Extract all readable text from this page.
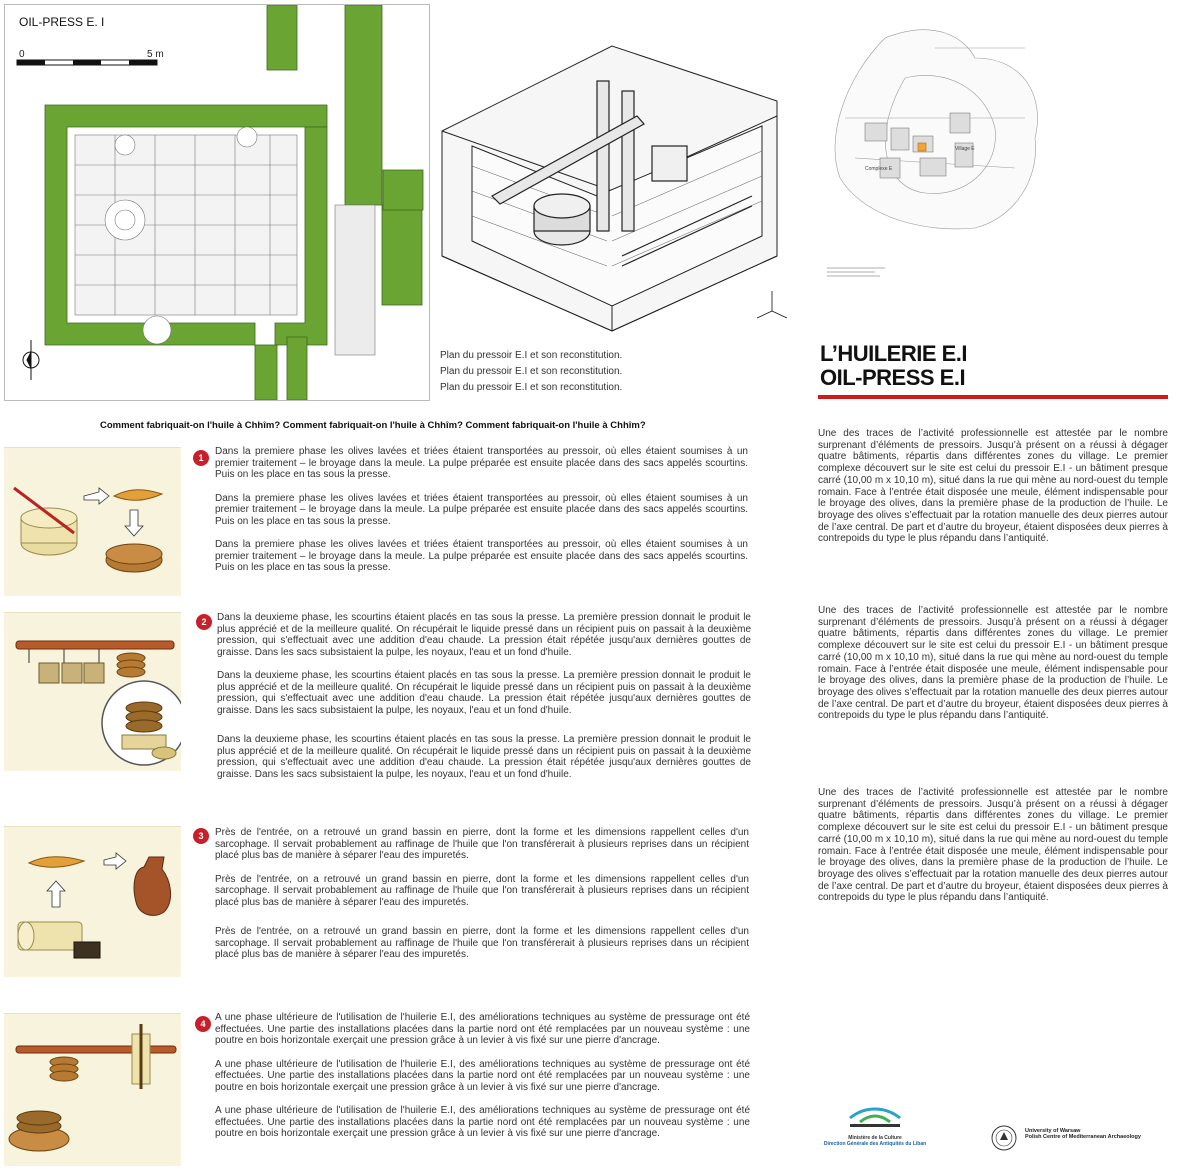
OIL-PRESS E. I
0	5 m
Plan du pressoir E.I et son reconstitution.
Plan du pressoir E.I et son reconstitution.
Plan du pressoir E.I et son reconstitution.
Village E
Complexe E
L’HUILERIE E.I
OIL-PRESS E.I
Comment fabriquait-on l'huile à Chhîm? Comment fabriquait-on l'huile à Chhîm? Comment fabriquait-on l'huile à Chhîm?
1
Dans la premiere phase les olives lavées et triées étaient transportées au pressoir, où elles étaient soumises à un premier traitement – le broyage dans la meule. La pulpe préparée est ensuite placée dans des sacs appelés scourtins. Puis on les place en tas sous la presse.
Dans la premiere phase les olives lavées et triées étaient transportées au pressoir, où elles étaient soumises à un premier traitement – le broyage dans la meule. La pulpe préparée est ensuite placée dans des sacs appelés scourtins. Puis on les place en tas sous la presse.
Dans la premiere phase les olives lavées et triées étaient transportées au pressoir, où elles étaient soumises à un premier traitement – le broyage dans la meule. La pulpe préparée est ensuite placée dans des sacs appelés scourtins. Puis on les place en tas sous la presse.
2	Dans la deuxieme phase, les scourtins étaient placés en tas sous la presse. La première pression donnait le produit le plus apprécié et de la meilleure qualité. On récupérait le liquide pressé dans un récipient puis on passait à la deuxième pression, qui s'effectuait avec une addition d'eau chaude. La pression était répétée jusqu'aux dernières gouttes de graisse. Dans les sacs subsistaient la pulpe, les noyaux, l'eau et un fond d'huile.
Dans la deuxieme phase, les scourtins étaient placés en tas sous la presse. La première pression donnait le produit le plus apprécié et de la meilleure qualité. On récupérait le liquide pressé dans un récipient puis on passait à la deuxième pression, qui s'effectuait avec une addition d'eau chaude. La pression était répétée jusqu'aux dernières gouttes de graisse. Dans les sacs subsistaient la pulpe, les noyaux, l'eau et un fond d'huile.
Dans la deuxieme phase, les scourtins étaient placés en tas sous la presse. La première pression donnait le produit le plus apprécié et de la meilleure qualité. On récupérait le liquide pressé dans un récipient puis on passait à la deuxième pression, qui s'effectuait avec une addition d'eau chaude. La pression était répétée jusqu'aux dernières gouttes de graisse. Dans les sacs subsistaient la pulpe, les noyaux, l'eau et un fond d'huile.
3	Près de l'entrée, on a retrouvé un grand bassin en pierre, dont la forme et les dimensions rappellent celles d'un sarcophage. Il servait probablement au raffinage de l'huile que l'on transférerait à plusieurs reprises dans un récipient placé plus bas de manière à séparer l'eau des impuretés.
Près de l'entrée, on a retrouvé un grand bassin en pierre, dont la forme et les dimensions rappellent celles d'un sarcophage. Il servait probablement au raffinage de l'huile que l'on transférerait à plusieurs reprises dans un récipient placé plus bas de manière à séparer l'eau des impuretés.
Près de l'entrée, on a retrouvé un grand bassin en pierre, dont la forme et les dimensions rappellent celles d'un sarcophage. Il servait probablement au raffinage de l'huile que l'on transférerait à plusieurs reprises dans un récipient placé plus bas de manière à séparer l'eau des impuretés.
4
A une phase ultérieure de l'utilisation de l'huilerie E.I, des améliorations techniques au système de pressurage ont été effectuées. Une partie des installations placées dans la partie nord ont été remplacées par un nouveau système : une poutre en bois horizontale exerçait une pression grâce à un levier à vis fixé sur une pierre d'ancrage.
A une phase ultérieure de l'utilisation de l'huilerie E.I, des améliorations techniques au système de pressurage ont été effectuées. Une partie des installations placées dans la partie nord ont été remplacées par un nouveau système : une poutre en bois horizontale exerçait une pression grâce à un levier à vis fixé sur une pierre d'ancrage.
A une phase ultérieure de l'utilisation de l'huilerie E.I, des améliorations techniques au système de pressurage ont été effectuées. Une partie des installations placées dans la partie nord ont été remplacées par un nouveau système : une poutre en bois horizontale exerçait une pression grâce à un levier à vis fixé sur une pierre d'ancrage.
Une des traces de l’activité professionnelle est attestée par le nombre surprenant d’éléments de pressoirs. Jusqu’à présent on a réussi à dégager quatre bâtiments, répartis dans différentes zones du village. Le premier complexe découvert sur le site est celui du pressoir E.I - un bâtiment presque carré (10,00 m x 10,10 m), situé dans la rue qui mène au nord-ouest du temple romain. Face à l’entrée était disposée une meule, élément indispensable pour le broyage des olives, dans la première phase de la production de l’huile. Le broyage des olives s’effectuait par la rotation manuelle des deux pierres autour de l’axe central. De part et d’autre du broyeur, étaient disposées deux pierres à contrepoids du type le plus répandu dans l’antiquité.
Une des traces de l’activité professionnelle est attestée par le nombre surprenant d’éléments de pressoirs. Jusqu’à présent on a réussi à dégager quatre bâtiments, répartis dans différentes zones du village. Le premier complexe découvert sur le site est celui du pressoir E.I - un bâtiment presque carré (10,00 m x 10,10 m), situé dans la rue qui mène au nord-ouest du temple romain. Face à l’entrée était disposée une meule, élément indispensable pour le broyage des olives, dans la première phase de la production de l’huile. Le broyage des olives s’effectuait par la rotation manuelle des deux pierres autour de l’axe central. De part et d’autre du broyeur, étaient disposées deux pierres à contrepoids du type le plus répandu dans l’antiquité.
Une des traces de l’activité professionnelle est attestée par le nombre surprenant d’éléments de pressoirs. Jusqu’à présent on a réussi à dégager quatre bâtiments, répartis dans différentes zones du village. Le premier complexe découvert sur le site est celui du pressoir E.I - un bâtiment presque carré (10,00 m x 10,10 m), situé dans la rue qui mène au nord-ouest du temple romain. Face à l’entrée était disposée une meule, élément indispensable pour le broyage des olives, dans la première phase de la production de l’huile. Le broyage des olives s’effectuait par la rotation manuelle des deux pierres autour de l’axe central. De part et d’autre du broyeur, étaient disposées deux pierres à contrepoids du type le plus répandu dans l’antiquité.
Ministère de la Culture
Direction Générale des Antiquités du Liban
University of Warsaw
Polish Centre of Mediterranean Archaeology
